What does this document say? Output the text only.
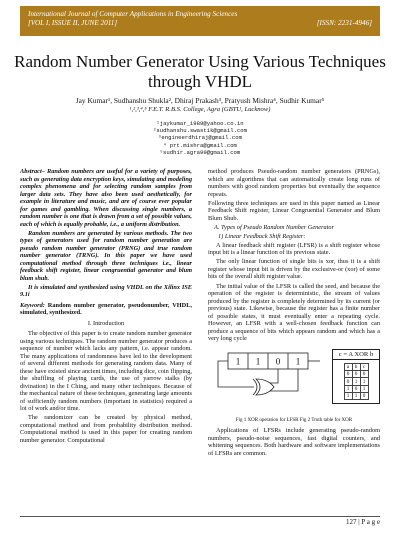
International Journal of Computer Applications in Engineering Sciences
[VOL I, ISSUE II, JUNE 2011]	[ISSN: 2231-4946]
Random Number Generator Using Various Techniques through VHDL
Jay Kumar¹, Sudhanshu Shukla², Dhiraj Prakash³, Pratyush Mishra⁴, Sudhir Kumar⁵
¹,²,³,⁴,⁵ F.E.T. R.B.S. College, Agra (GBTU, Lucknow)
¹jaykumar_1989@yahoo.co.in
²sudhanshu.swastik@gmail.com
³engineerdhiraj@gmail.com
⁴ prt.mishra@gmail.com
⁵sudhir.agra99@gmail.com

Abstract– Random numbers are useful for a variety of purposes, such as generating data encryption keys, simulating and modeling complex phenomena and for selecting random samples from larger data sets. They have also been used aesthetically, for example in literature and music, and are of course ever popular for games and gambling. When discussing single numbers, a random number is one that is drawn from a set of possible values, each of which is equally probable, i.e., a uniform distribution.

Random numbers are generated by various methods. The two types of generators used for random number generation are pseudo random number generator (PRNG) and true random number generator (TRNG). In this paper we have used computational method through three techniques i.e., linear feedback shift register, linear congruential generator and blum blum shub.

It is simulated and synthesized using VHDL on the Xilinx ISE 9.1i

Keyword: Random number generator, pseudonumber, VHDL, simulated, synthesized.

I. Introduction

The objective of this paper is to create random number generator using various techniques. The random number generator produces a sequence of number which lacks any pattern, i.e. appear random. The many applications of randomness have led to the development of several different methods for generating random data. Many of these have existed since ancient times, including dice, coin flipping, the shuffling of playing cards, the use of yarrow stalks (by divination) in the I Ching, and many other techniques. Because of the mechanical nature of these techniques, generating large amounts of sufficiently random numbers (important in statistics) required a lot of work and/or time.

The randomizer can be created by physical method, computational method and from probability distribution method. Computational method is used in this paper for creating random number generator. Computational

method produces Pseudo-random number generators (PRNGs), which are algorithms that can automatically create long runs of numbers with good random properties but eventually the sequence repeats.

Following three techniques are used in this paper named as Linear Feedback Shift register, Linear Congruential Generator and Blum Blum Shub.

A. Types of Pseudo Random Number Generator

1) Linear Feedback Shift Register:

A linear feedback shift register (LFSR) is a shift register whose input bit is a linear function of its previous state.

The only linear function of single bits is xor, thus it is a shift register whose input bit is driven by the exclusive-or (xor) of some bits of the overall shift register value.

The initial value of the LFSR is called the seed, and because the operation of the register is deterministic, the stream of values produced by the register is completely determined by its current (or previous) state. Likewise, because the register has a finite number of possible states, it must eventually enter a repeating cycle. However, an LFSR with a well-chosen feedback function can produce a sequence of bits which appears random and which has a very long cycle

1 1 0 1
c = A XOR b
a	b	c
0	0	0
0	1	1
1	0	1
1	1	0
Fig 1 XOR operation for LFSR Fig 2 Truth table for XOR

Applications of LFSRs include generating pseudo-random numbers, pseudo-noise sequences, fast digital counters, and whitening sequences. Both hardware and software implementations of LFSRs are common.

127 | P a g e
